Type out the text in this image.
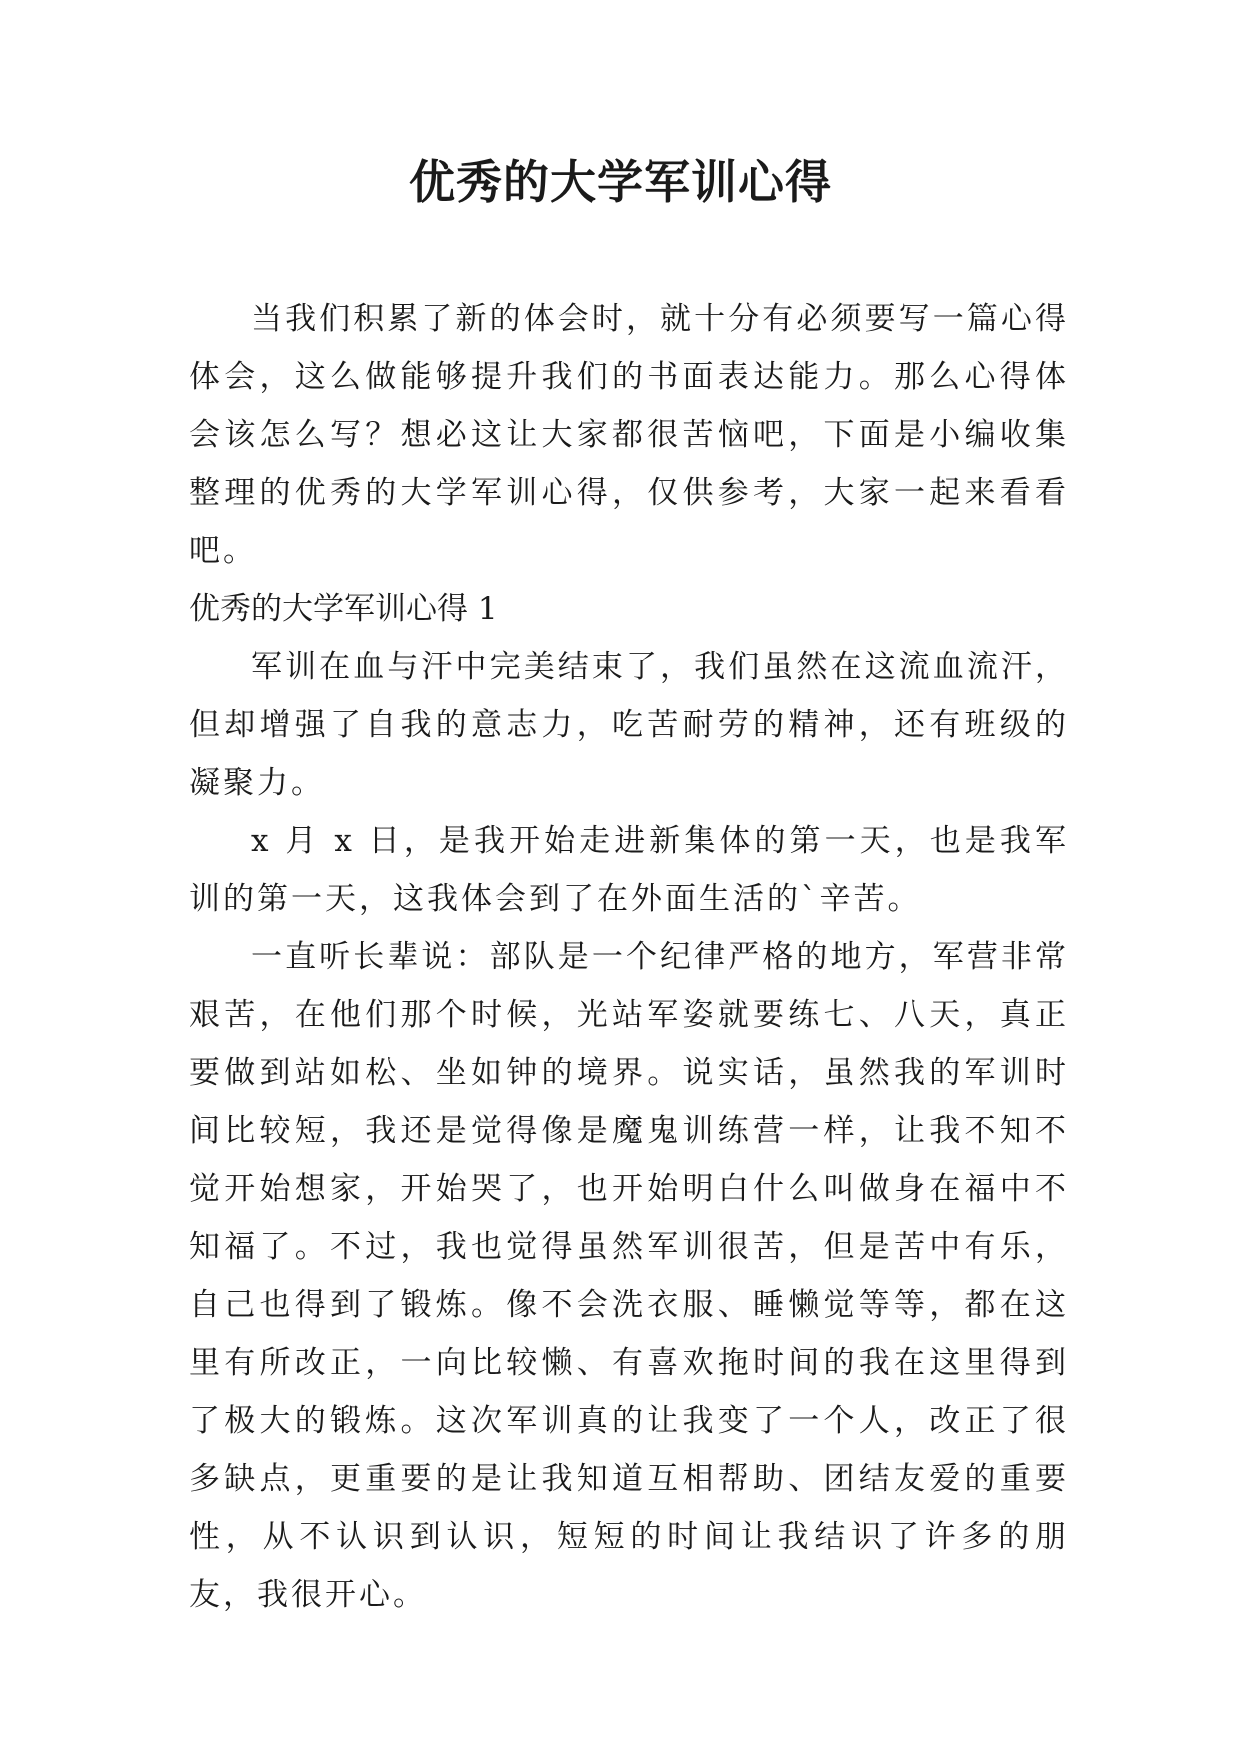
优秀的大学军训心得

当我们积累了新的体会时，就十分有必须要写一篇心得体会，这么做能够提升我们的书面表达能力。那么心得体会该怎么写？想必这让大家都很苦恼吧，下面是小编收集整理的优秀的大学军训心得，仅供参考，大家一起来看看吧。

优秀的大学军训心得 1

军训在血与汗中完美结束了，我们虽然在这流血流汗，但却增强了自我的意志力，吃苦耐劳的精神，还有班级的凝聚力。

x 月 x 日，是我开始走进新集体的第一天，也是我军训的第一天，这我体会到了在外面生活的`辛苦。

一直听长辈说：部队是一个纪律严格的地方，军营非常艰苦，在他们那个时候，光站军姿就要练七、八天，真正要做到站如松、坐如钟的境界。说实话，虽然我的军训时间比较短，我还是觉得像是魔鬼训练营一样，让我不知不觉开始想家，开始哭了，也开始明白什么叫做身在福中不知福了。不过，我也觉得虽然军训很苦，但是苦中有乐，自己也得到了锻炼。像不会洗衣服、睡懒觉等等，都在这里有所改正，一向比较懒、有喜欢拖时间的我在这里得到了极大的锻炼。这次军训真的让我变了一个人，改正了很多缺点，更重要的是让我知道互相帮助、团结友爱的重要性，从不认识到认识，短短的时间让我结识了许多的朋友，我很开心。
